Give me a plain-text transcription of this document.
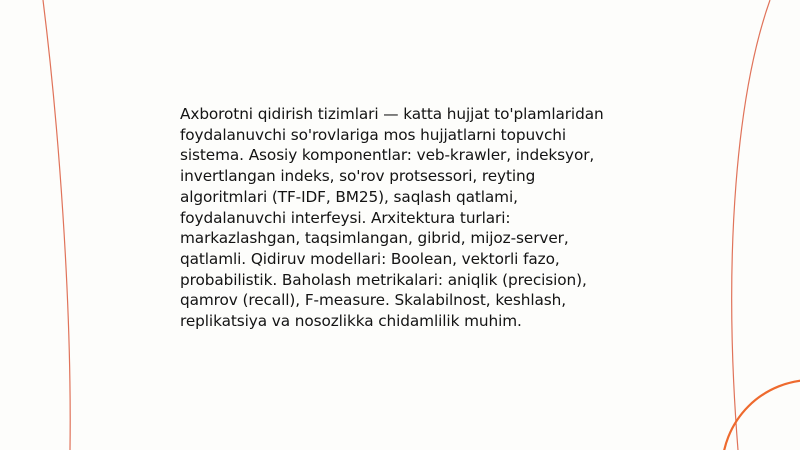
Axborotni qidirish tizimlari — katta hujjat to'plamlaridan foydalanuvchi so'rovlariga mos hujjatlarni topuvchi sistema. Asosiy komponentlar: veb-krawler, indeksyor, invertlangan indeks, so'rov protsessori, reyting algoritmlari (TF-IDF, BM25), saqlash qatlami, foydalanuvchi interfeysi. Arxitektura turlari: markazlashgan, taqsimlangan, gibrid, mijoz-server, qatlamli. Qidiruv modellari: Boolean, vektorli fazo, probabilistik. Baholash metrikalari: aniqlik (precision), qamrov (recall), F-measure. Skalabilnost, keshlash, replikatsiya va nosozlikka chidamlilik muhim.
